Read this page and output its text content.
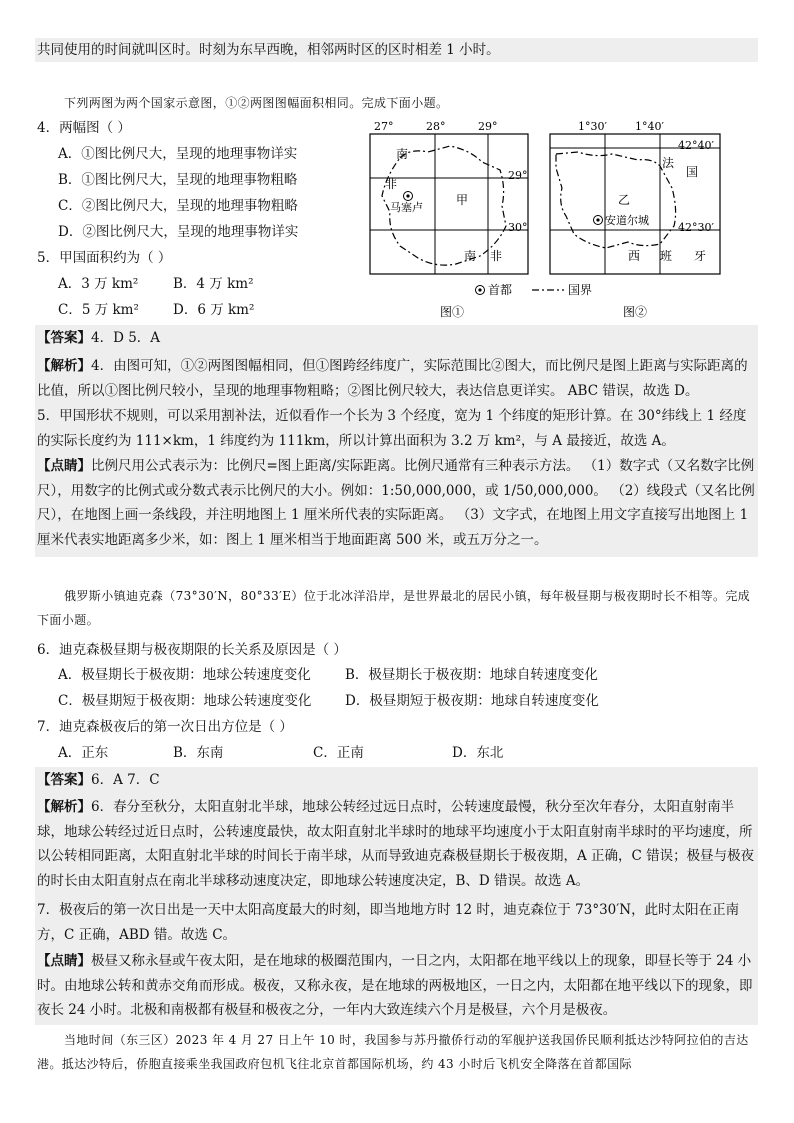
共同使用的时间就叫区时。时刻为东早西晚，相邻两时区的区时相差 1 小时。
下列两图为两个国家示意图，①②两图图幅面积相同。完成下面小题。
4．两幅图（ ）
A．①图比例尺大，呈现的地理事物详实
B．①图比例尺大，呈现的地理事物粗略
C．②图比例尺大，呈现的地理事物粗略
D．②图比例尺大，呈现的地理事物详实
5．甲国面积约为（ ）
A．3 万 km²	B．4 万 km²
C．5 万 km²	D．6 万 km²
27°	28°	29°
29°
30°
南
非
马塞卢
甲
南 非
1°30′	1°40′
42°40′
42°30′
法
国
乙
安道尔城
西 班 牙
首都	国界
图①	图②
【答案】4．D 5．A
【解析】4．由图可知，①②两图图幅相同，但①图跨经纬度广，实际范围比②图大，而比例尺是图上距离与实际距离的比值，所以①图比例尺较小，呈现的地理事物粗略；②图比例尺较大，表达信息更详实。 ABC 错误，故选 D。
5．甲国形状不规则，可以采用割补法，近似看作一个长为 3 个经度，宽为 1 个纬度的矩形计算。在 30°纬线上 1 经度的实际长度约为 111×km，1 纬度约为 111km，所以计算出面积为 3.2 万 km²，与 A 最接近，故选 A。
【点睛】比例尺用公式表示为：比例尺=图上距离/实际距离。比例尺通常有三种表示方法。 （1）数字式（又名数字比例尺），用数字的比例式或分数式表示比例尺的大小。例如：1:50,000,000，或 1/50,000,000。 （2）线段式（又名比例尺），在地图上画一条线段，并注明地图上 1 厘米所代表的实际距离。 （3）文字式，在地图上用文字直接写出地图上 1 厘米代表实地距离多少米，如：图上 1 厘米相当于地面距离 500 米，或五万分之一。
俄罗斯小镇迪克森（73°30′N，80°33′E）位于北冰洋沿岸，是世界最北的居民小镇，每年极昼期与极夜期时长不相等。完成下面小题。
6．迪克森极昼期与极夜期限的长关系及原因是（ ）
A．极昼期长于极夜期：地球公转速度变化	B．极昼期长于极夜期：地球自转速度变化
C．极昼期短于极夜期：地球公转速度变化 D．极昼期短于极夜期：地球自转速度变化
7．迪克森极夜后的第一次日出方位是（ ）
A．正东	B．东南	C．正南	D．东北
【答案】6．A 7．C
【解析】6．春分至秋分，太阳直射北半球，地球公转经过远日点时，公转速度最慢，秋分至次年春分，太阳直射南半球，地球公转经过近日点时，公转速度最快，故太阳直射北半球时的地球平均速度小于太阳直射南半球时的平均速度，所以公转相同距离，太阳直射北半球的时间长于南半球，从而导致迪克森极昼期长于极夜期，A 正确，C 错误；极昼与极夜的时长由太阳直射点在南北半球移动速度决定，即地球公转速度决定，B、D 错误。故选 A。
7．极夜后的第一次日出是一天中太阳高度最大的时刻，即当地地方时 12 时，迪克森位于 73°30′N，此时太阳在正南方，C 正确，ABD 错。故选 C。
【点睛】极昼又称永昼或午夜太阳，是在地球的极圈范围内，一日之内，太阳都在地平线以上的现象，即昼长等于 24 小时。由地球公转和黄赤交角而形成。极夜，又称永夜，是在地球的两极地区，一日之内，太阳都在地平线以下的现象，即夜长 24 小时。北极和南极都有极昼和极夜之分，一年内大致连续六个月是极昼，六个月是极夜。
当地时间（东三区）2023 年 4 月 27 日上午 10 时，我国参与苏丹撤侨行动的军舰护送我国侨民顺利抵达沙特阿拉伯的吉达港。抵达沙特后，侨胞直接乘坐我国政府包机飞往北京首都国际机场，约 43 小时后飞机安全降落在首都国际
